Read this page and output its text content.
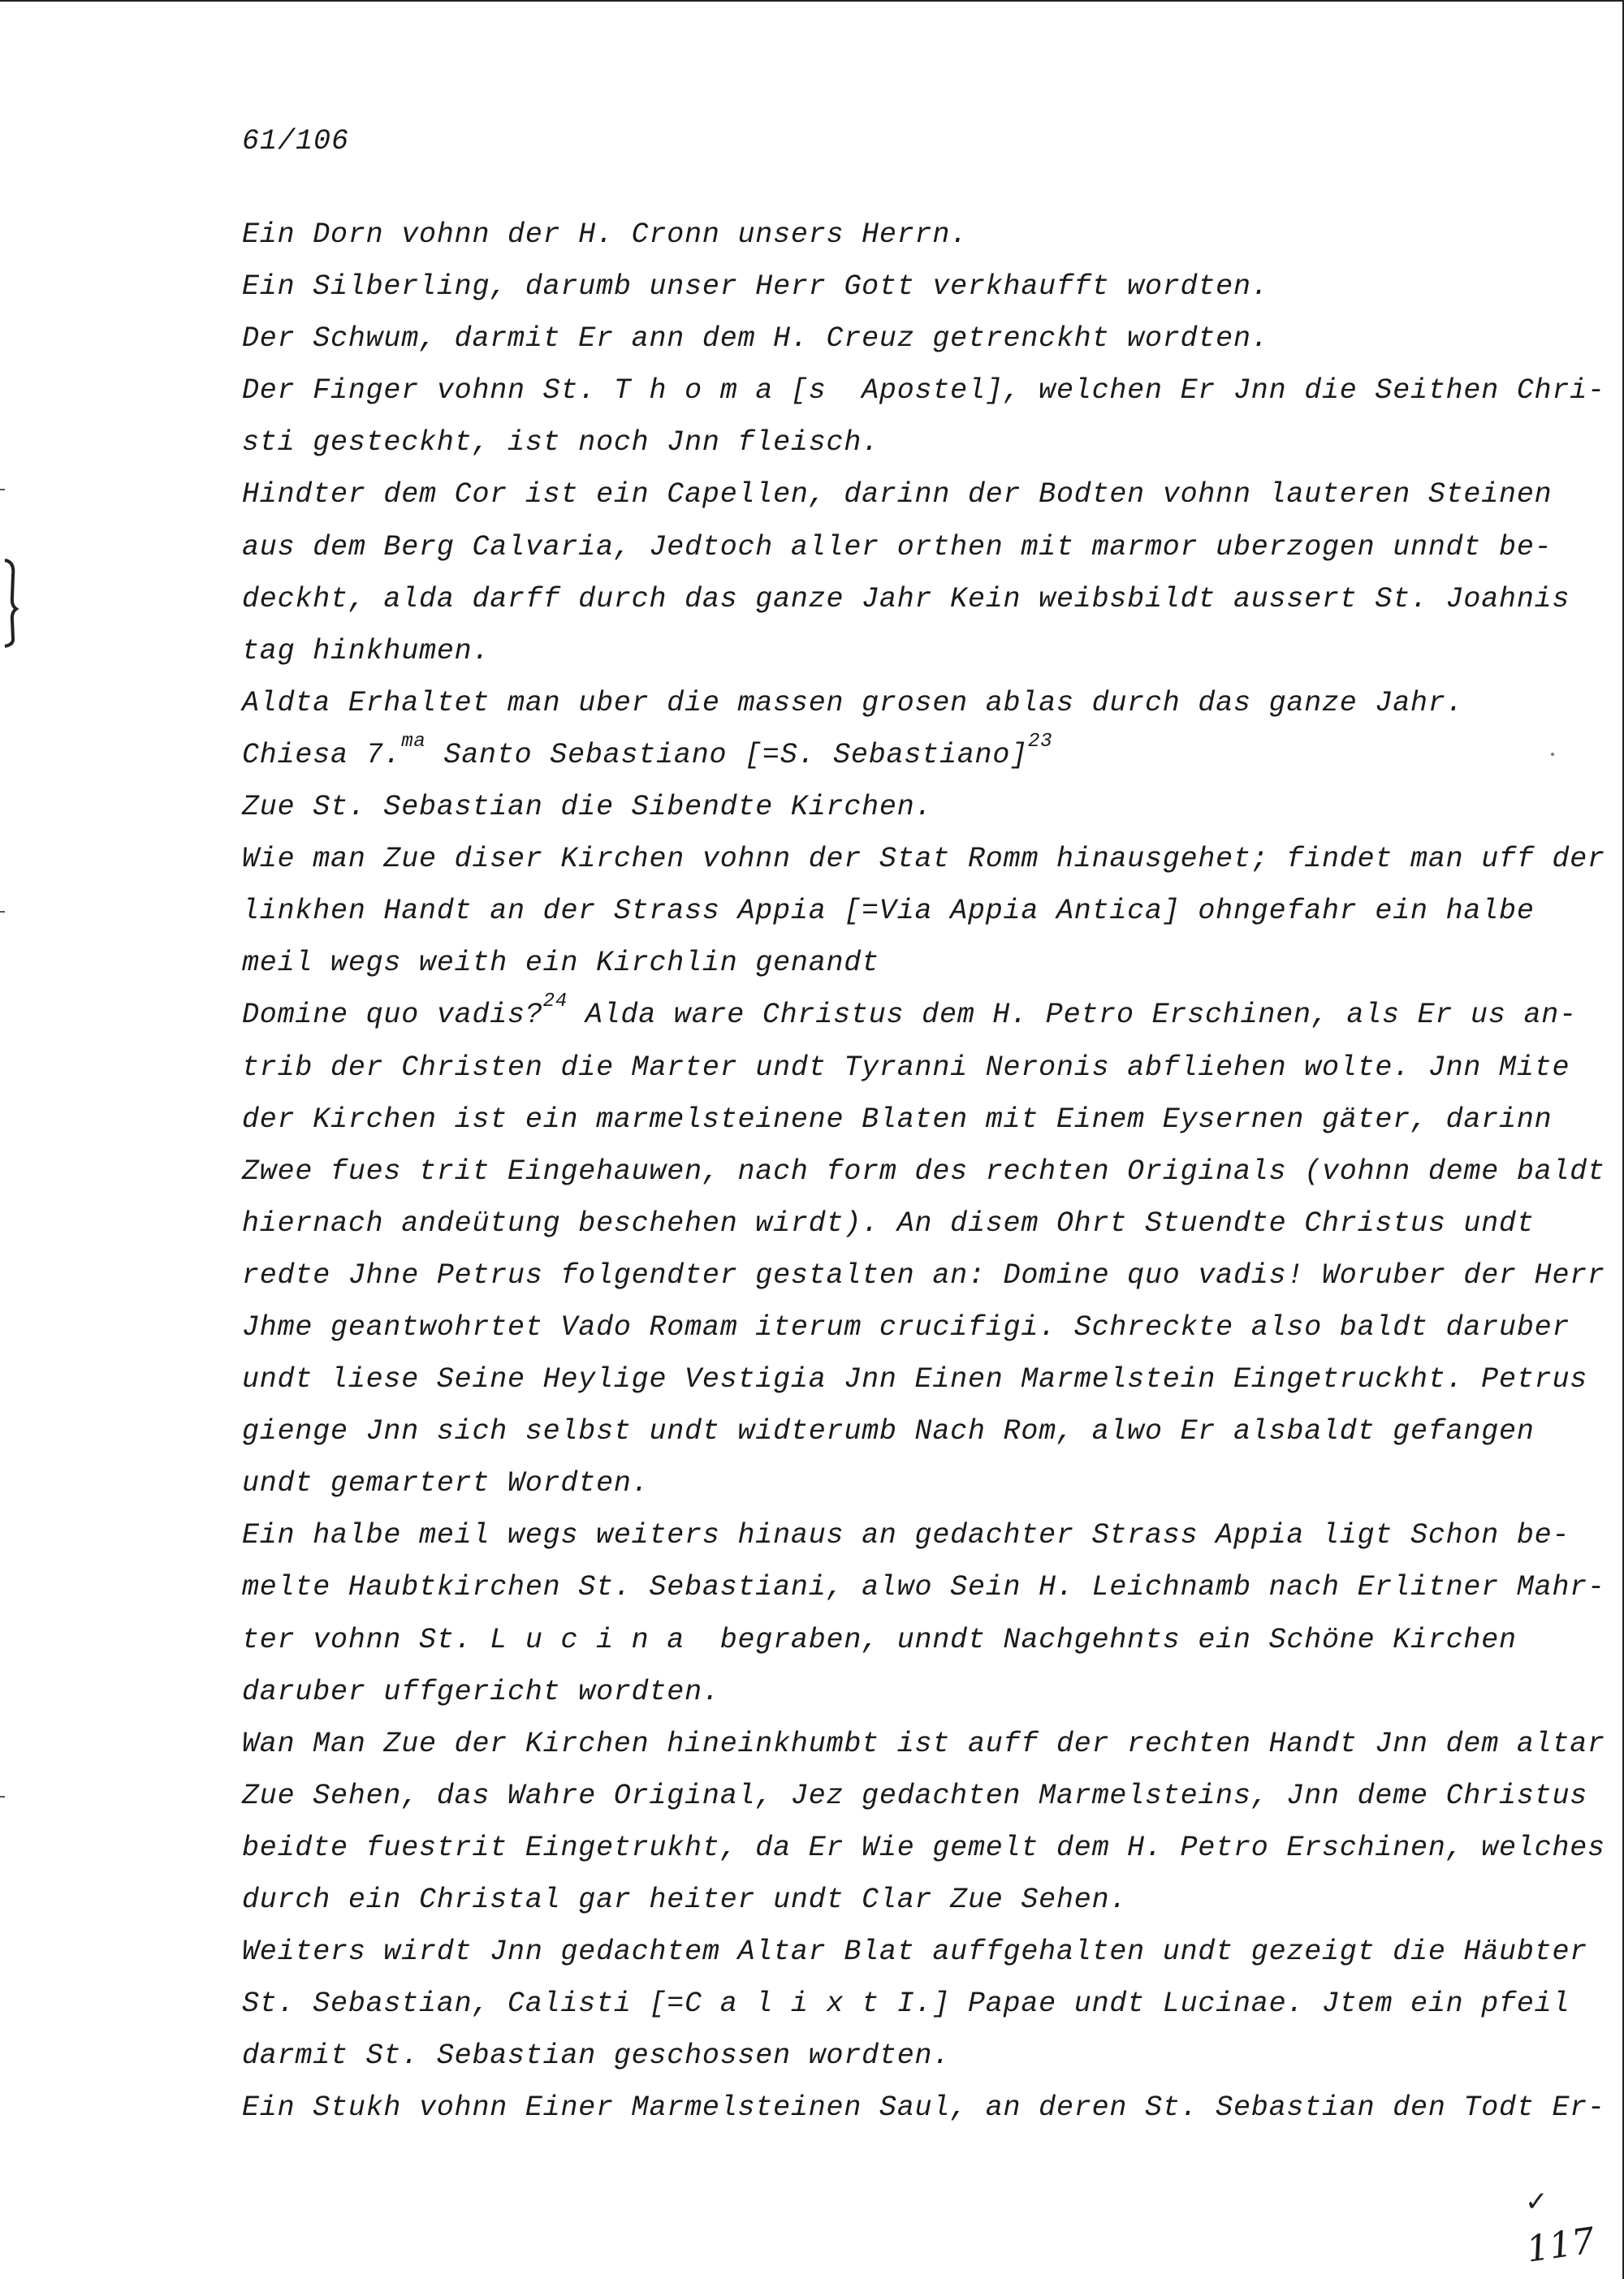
61/106
Ein Dorn vohnn der H. Cronn unsers Herrn.
Ein Silberling, darumb unser Herr Gott verkhaufft wordten.
Der Schwum, darmit Er ann dem H. Creuz getrenckht wordten.
Der Finger vohnn St. T h o m a [s  Apostel], welchen Er Jnn die Seithen Chri-
sti gesteckht, ist noch Jnn fleisch.
Hindter dem Cor ist ein Capellen, darinn der Bodten vohnn lauteren Steinen
aus dem Berg Calvaria, Jedtoch aller orthen mit marmor uberzogen unndt be-
deckht, alda darff durch das ganze Jahr Kein weibsbildt aussert St. Joahnis
tag hinkhumen.
Aldta Erhaltet man uber die massen grosen ablas durch das ganze Jahr.
Chiesa 7.$^{ma}$ Santo Sebastiano [=S. Sebastiano]$^{23}$
Zue St. Sebastian die Sibendte Kirchen.
Wie man Zue diser Kirchen vohnn der Stat Romm hinausgehet; findet man uff der
linkhen Handt an der Strass Appia [=Via Appia Antica] ohngefahr ein halbe
meil wegs weith ein Kirchlin genandt
Domine quo vadis?$^{24}$ Alda ware Christus dem H. Petro Erschinen, als Er us an-
trib der Christen die Marter undt Tyranni Neronis abfliehen wolte. Jnn Mite
der Kirchen ist ein marmelsteinene Blaten mit Einem Eysernen gäter, darinn
Zwee fues trit Eingehauwen, nach form des rechten Originals (vohnn deme baldt
hiernach andeütung beschehen wirdt). An disem Ohrt Stuendte Christus undt
redte Jhne Petrus folgendter gestalten an: Domine quo vadis! Woruber der Herr
Jhme geantwohrtet Vado Romam iterum crucifigi. Schreckte also baldt daruber
undt liese Seine Heylige Vestigia Jnn Einen Marmelstein Eingetruckht. Petrus
gienge Jnn sich selbst undt widterumb Nach Rom, alwo Er alsbaldt gefangen
undt gemartert Wordten.
Ein halbe meil wegs weiters hinaus an gedachter Strass Appia ligt Schon be-
melte Haubtkirchen St. Sebastiani, alwo Sein H. Leichnamb nach Erlitner Mahr-
ter vohnn St. L u c i n a  begraben, unndt Nachgehnts ein Schöne Kirchen
daruber uffgericht wordten.
Wan Man Zue der Kirchen hineinkhumbt ist auff der rechten Handt Jnn dem altar
Zue Sehen, das Wahre Original, Jez gedachten Marmelsteins, Jnn deme Christus
beidte fuestrit Eingetrukht, da Er Wie gemelt dem H. Petro Erschinen, welches
durch ein Christal gar heiter undt Clar Zue Sehen.
Weiters wirdt Jnn gedachtem Altar Blat auffgehalten undt gezeigt die Häubter
St. Sebastian, Calisti [=C a l i x t I.] Papae undt Lucinae. Jtem ein pfeil
darmit St. Sebastian geschossen wordten.
Ein Stukh vohnn Einer Marmelsteinen Saul, an deren St. Sebastian den Todt Er-
✓
117
